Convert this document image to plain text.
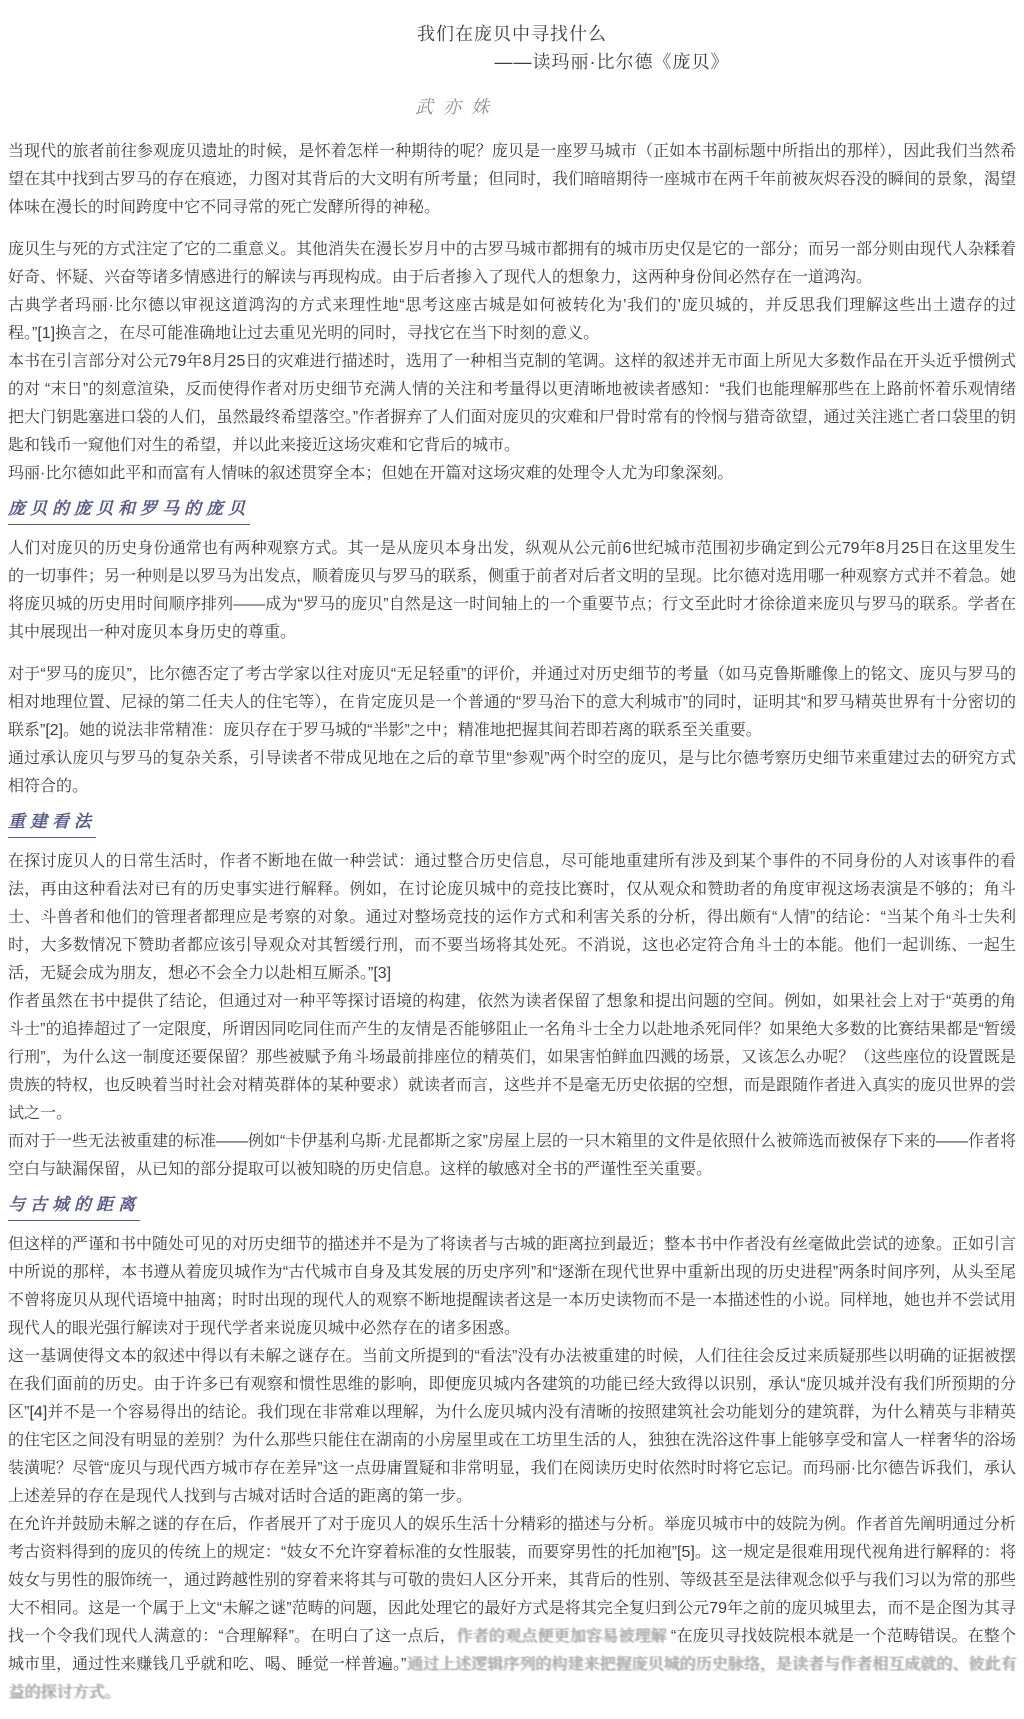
我们在庞贝中寻找什么
——读玛丽·比尔德《庞贝》
武亦姝

当现代的旅者前往参观庞贝遗址的时候，是怀着怎样一种期待的呢？庞贝是一座罗马城市（正如本书副标题中所指出的那样），因此我们当然希望在其中找到古罗马的存在痕迹，力图对其背后的大文明有所考量；但同时，我们暗暗期待一座城市在两千年前被灰烬吞没的瞬间的景象，渴望体味在漫长的时间跨度中它不同寻常的死亡发酵所得的神秘。

庞贝生与死的方式注定了它的二重意义。其他消失在漫长岁月中的古罗马城市都拥有的城市历史仅是它的一部分；而另一部分则由现代人杂糅着好奇、怀疑、兴奋等诸多情感进行的解读与再现构成。由于后者掺入了现代人的想象力，这两种身份间必然存在一道鸿沟。

古典学者玛丽·比尔德以审视这道鸿沟的方式来理性地“思考这座古城是如何被转化为’我们的’庞贝城的，并反思我们理解这些出土遗存的过程。”[1]换言之，在尽可能准确地让过去重见光明的同时，寻找它在当下时刻的意义。

本书在引言部分对公元79年8月25日的灾难进行描述时，选用了一种相当克制的笔调。这样的叙述并无市面上所见大多数作品在开头近乎惯例式的对 “末日”的刻意渲染，反而使得作者对历史细节充满人情的关注和考量得以更清晰地被读者感知：“我们也能理解那些在上路前怀着乐观情绪把大门钥匙塞进口袋的人们，虽然最终希望落空。”作者摒弃了人们面对庞贝的灾难和尸骨时常有的怜悯与猎奇欲望，通过关注逃亡者口袋里的钥匙和钱币一窥他们对生的希望，并以此来接近这场灾难和它背后的城市。

玛丽·比尔德如此平和而富有人情味的叙述贯穿全本；但她在开篇对这场灾难的处理令人尤为印象深刻。

庞贝的庞贝和罗马的庞贝

人们对庞贝的历史身份通常也有两种观察方式。其一是从庞贝本身出发，纵观从公元前6世纪城市范围初步确定到公元79年8月25日在这里发生的一切事件；另一种则是以罗马为出发点，顺着庞贝与罗马的联系，侧重于前者对后者文明的呈现。比尔德对选用哪一种观察方式并不着急。她将庞贝城的历史用时间顺序排列——成为“罗马的庞贝”自然是这一时间轴上的一个重要节点；行文至此时才徐徐道来庞贝与罗马的联系。学者在其中展现出一种对庞贝本身历史的尊重。

对于“罗马的庞贝”，比尔德否定了考古学家以往对庞贝“无足轻重”的评价，并通过对历史细节的考量（如马克鲁斯雕像上的铭文、庞贝与罗马的相对地理位置、尼禄的第二任夫人的住宅等），在肯定庞贝是一个普通的“罗马治下的意大利城市”的同时，证明其“和罗马精英世界有十分密切的联系”[2]。她的说法非常精准：庞贝存在于罗马城的“半影”之中；精准地把握其间若即若离的联系至关重要。

通过承认庞贝与罗马的复杂关系，引导读者不带成见地在之后的章节里“参观”两个时空的庞贝，是与比尔德考察历史细节来重建过去的研究方式相符合的。

重建看法

在探讨庞贝人的日常生活时，作者不断地在做一种尝试：通过整合历史信息，尽可能地重建所有涉及到某个事件的不同身份的人对该事件的看法，再由这种看法对已有的历史事实进行解释。例如，在讨论庞贝城中的竞技比赛时，仅从观众和赞助者的角度审视这场表演是不够的；角斗士、斗兽者和他们的管理者都理应是考察的对象。通过对整场竞技的运作方式和利害关系的分析，得出颇有“人情”的结论：“当某个角斗士失利时，大多数情况下赞助者都应该引导观众对其暂缓行刑，而不要当场将其处死。不消说，这也必定符合角斗士的本能。他们一起训练、一起生活，无疑会成为朋友，想必不会全力以赴相互厮杀。”[3]

作者虽然在书中提供了结论，但通过对一种平等探讨语境的构建，依然为读者保留了想象和提出问题的空间。例如，如果社会上对于“英勇的角斗士”的追捧超过了一定限度，所谓因同吃同住而产生的友情是否能够阻止一名角斗士全力以赴地杀死同伴？如果绝大多数的比赛结果都是“暂缓行刑”，为什么这一制度还要保留？那些被赋予角斗场最前排座位的精英们，如果害怕鲜血四溅的场景，又该怎么办呢？（这些座位的设置既是贵族的特权，也反映着当时社会对精英群体的某种要求）就读者而言，这些并不是毫无历史依据的空想，而是跟随作者进入真实的庞贝世界的尝试之一。

而对于一些无法被重建的标准——例如“卡伊基利乌斯·尤昆都斯之家”房屋上层的一只木箱里的文件是依照什么被筛选而被保存下来的——作者将空白与缺漏保留，从已知的部分提取可以被知晓的历史信息。这样的敏感对全书的严谨性至关重要。

与古城的距离

但这样的严谨和书中随处可见的对历史细节的描述并不是为了将读者与古城的距离拉到最近；整本书中作者没有丝毫做此尝试的迹象。正如引言中所说的那样，本书遵从着庞贝城作为“古代城市自身及其发展的历史序列”和“逐渐在现代世界中重新出现的历史进程”两条时间序列，从头至尾不曾将庞贝从现代语境中抽离；时时出现的现代人的观察不断地提醒读者这是一本历史读物而不是一本描述性的小说。同样地，她也并不尝试用现代人的眼光强行解读对于现代学者来说庞贝城中必然存在的诸多困惑。

这一基调使得文本的叙述中得以有未解之谜存在。当前文所提到的“看法”没有办法被重建的时候，人们往往会反过来质疑那些以明确的证据被摆在我们面前的历史。由于许多已有观察和惯性思维的影响，即便庞贝城内各建筑的功能已经大致得以识别，承认“庞贝城并没有我们所预期的分区”[4]并不是一个容易得出的结论。我们现在非常难以理解，为什么庞贝城内没有清晰的按照建筑社会功能划分的建筑群，为什么精英与非精英的住宅区之间没有明显的差别？为什么那些只能住在湖南的小房屋里或在工坊里生活的人，独独在洗浴这件事上能够享受和富人一样奢华的浴场装潢呢？尽管“庞贝与现代西方城市存在差异”这一点毋庸置疑和非常明显，我们在阅读历史时依然时时将它忘记。而玛丽·比尔德告诉我们，承认上述差异的存在是现代人找到与古城对话时合适的距离的第一步。

在允许并鼓励未解之谜的存在后，作者展开了对于庞贝人的娱乐生活十分精彩的描述与分析。举庞贝城市中的妓院为例。作者首先阐明通过分析考古资料得到的庞贝的传统上的规定：“妓女不允许穿着标准的女性服装，而要穿男性的托加袍”[5]。这一规定是很难用现代视角进行解释的：将妓女与男性的服饰统一，通过跨越性别的穿着来将其与可敬的贵妇人区分开来，其背后的性别、等级甚至是法律观念似乎与我们习以为常的那些大不相同。这是一个属于上文“未解之谜”范畴的问题，因此处理它的最好方式是将其完全复归到公元79年之前的庞贝城里去，而不是企图为其寻找一个令我们现代人满意的：“合理解释”。在明白了这一点后，作者的观点便更加容易被理解 “在庞贝寻找妓院根本就是一个范畴错误。在整个城市里，通过性来赚钱几乎就和吃、喝、睡觉一样普遍。”通过上述逻辑序列的构建来把握庞贝城的历史脉络，是读者与作者相互成就的、彼此有益的探讨方式。
